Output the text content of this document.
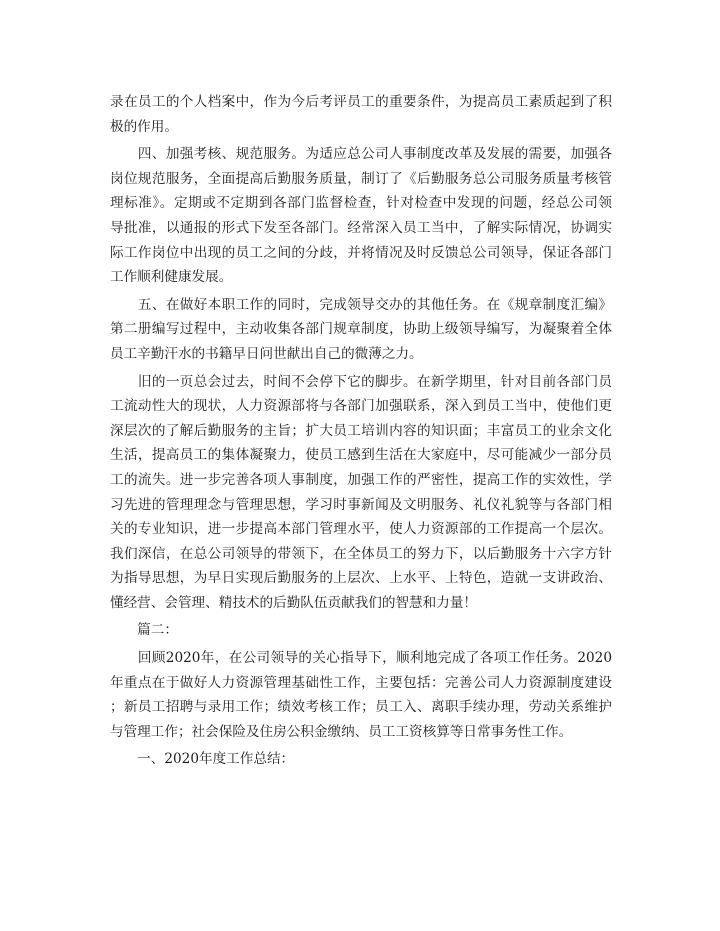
录在员工的个人档案中，作为今后考评员工的重要条件，为提高员工素质起到了积
极的作用。
　　四、加强考核、规范服务。为适应总公司人事制度改革及发展的需要，加强各
岗位规范服务，全面提高后勤服务质量，制订了《后勤服务总公司服务质量考核管
理标准》。定期或不定期到各部门监督检查，针对检查中发现的问题，经总公司领
导批准，以通报的形式下发至各部门。经常深入员工当中，了解实际情况，协调实
际工作岗位中出现的员工之间的分歧，并将情况及时反馈总公司领导，保证各部门
工作顺利健康发展。
　　五、在做好本职工作的同时，完成领导交办的其他任务。在《规章制度汇编》
第二册编写过程中，主动收集各部门规章制度，协助上级领导编写，为凝聚着全体
员工辛勤汗水的书籍早日问世献出自己的微薄之力。
　　旧的一页总会过去，时间不会停下它的脚步。在新学期里，针对目前各部门员
工流动性大的现状，人力资源部将与各部门加强联系，深入到员工当中，使他们更
深层次的了解后勤服务的主旨；扩大员工培训内容的知识面；丰富员工的业余文化
生活，提高员工的集体凝聚力，使员工感到生活在大家庭中，尽可能减少一部分员
工的流失。进一步完善各项人事制度，加强工作的严密性，提高工作的实效性，学
习先进的管理理念与管理思想，学习时事新闻及文明服务、礼仪礼貌等与各部门相
关的专业知识，进一步提高本部门管理水平，使人力资源部的工作提高一个层次。
我们深信，在总公司领导的带领下，在全体员工的努力下，以后勤服务十六字方针
为指导思想，为早日实现后勤服务的上层次、上水平、上特色，造就一支讲政治、
懂经营、会管理、精技术的后勤队伍贡献我们的智慧和力量！
　　篇二：
　　回顾2020年，在公司领导的关心指导下，顺利地完成了各项工作任务。2020
年重点在于做好人力资源管理基础性工作，主要包括：完善公司人力资源制度建设
；新员工招聘与录用工作；绩效考核工作；员工入、离职手续办理，劳动关系维护
与管理工作；社会保险及住房公积金缴纳、员工工资核算等日常事务性工作。
　　一、2020年度工作总结：
